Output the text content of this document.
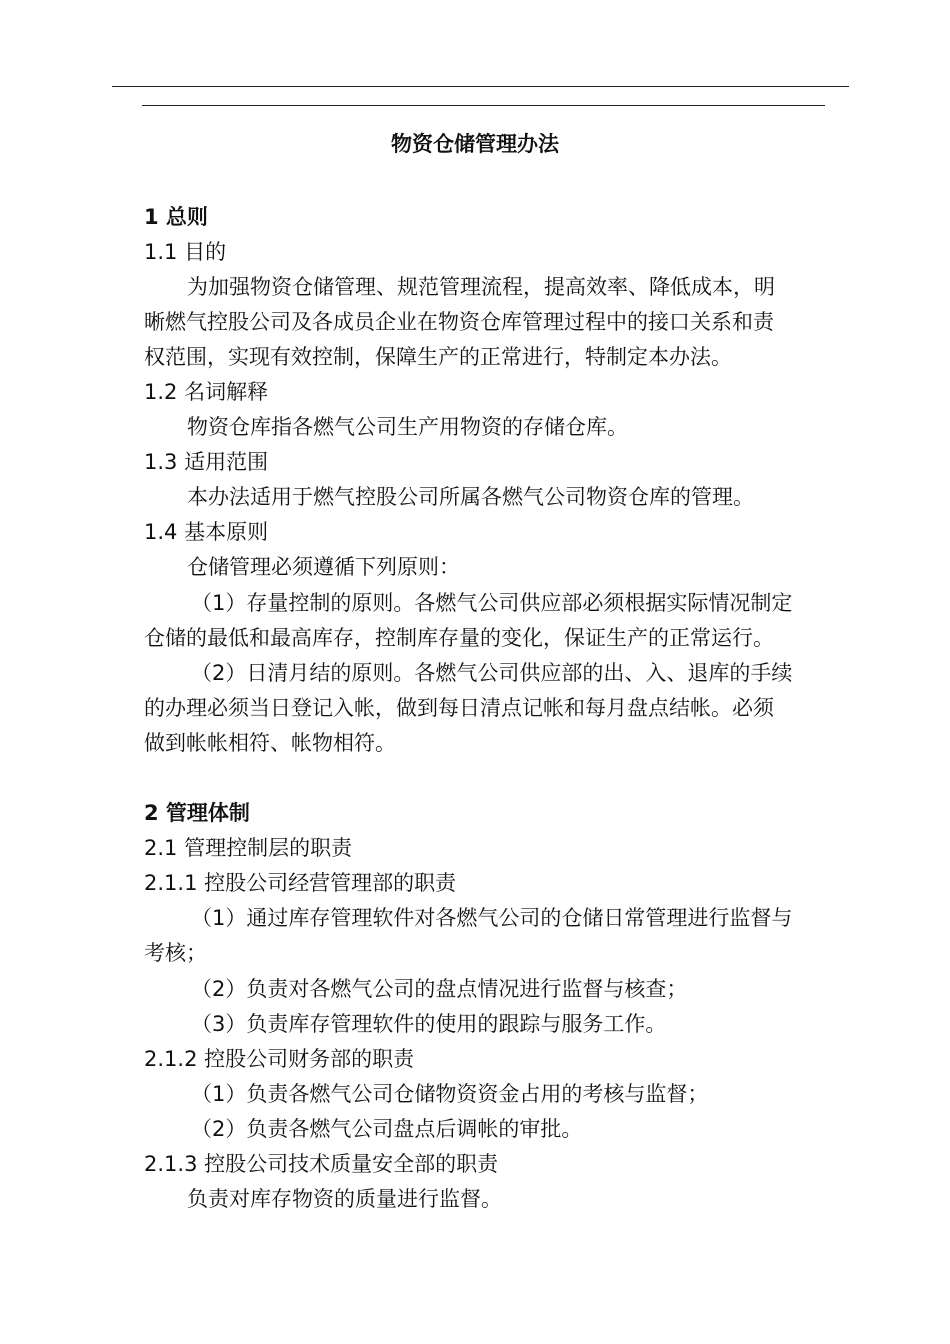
物资仓储管理办法
1 总则
1.1 目的
为加强物资仓储管理、规范管理流程，提高效率、降低成本，明
晰燃气控股公司及各成员企业在物资仓库管理过程中的接口关系和责
权范围，实现有效控制，保障生产的正常进行，特制定本办法。
1.2 名词解释
物资仓库指各燃气公司生产用物资的存储仓库。
1.3 适用范围
本办法适用于燃气控股公司所属各燃气公司物资仓库的管理。
1.4 基本原则
仓储管理必须遵循下列原则：
（1）存量控制的原则。各燃气公司供应部必须根据实际情况制定
仓储的最低和最高库存，控制库存量的变化，保证生产的正常运行。
（2）日清月结的原则。各燃气公司供应部的出、入、退库的手续
的办理必须当日登记入帐，做到每日清点记帐和每月盘点结帐。必须
做到帐帐相符、帐物相符。
2 管理体制
2.1 管理控制层的职责
2.1.1 控股公司经营管理部的职责
（1）通过库存管理软件对各燃气公司的仓储日常管理进行监督与
考核；
（2）负责对各燃气公司的盘点情况进行监督与核查；
（3）负责库存管理软件的使用的跟踪与服务工作。
2.1.2 控股公司财务部的职责
（1）负责各燃气公司仓储物资资金占用的考核与监督；
（2）负责各燃气公司盘点后调帐的审批。
2.1.3 控股公司技术质量安全部的职责
负责对库存物资的质量进行监督。
